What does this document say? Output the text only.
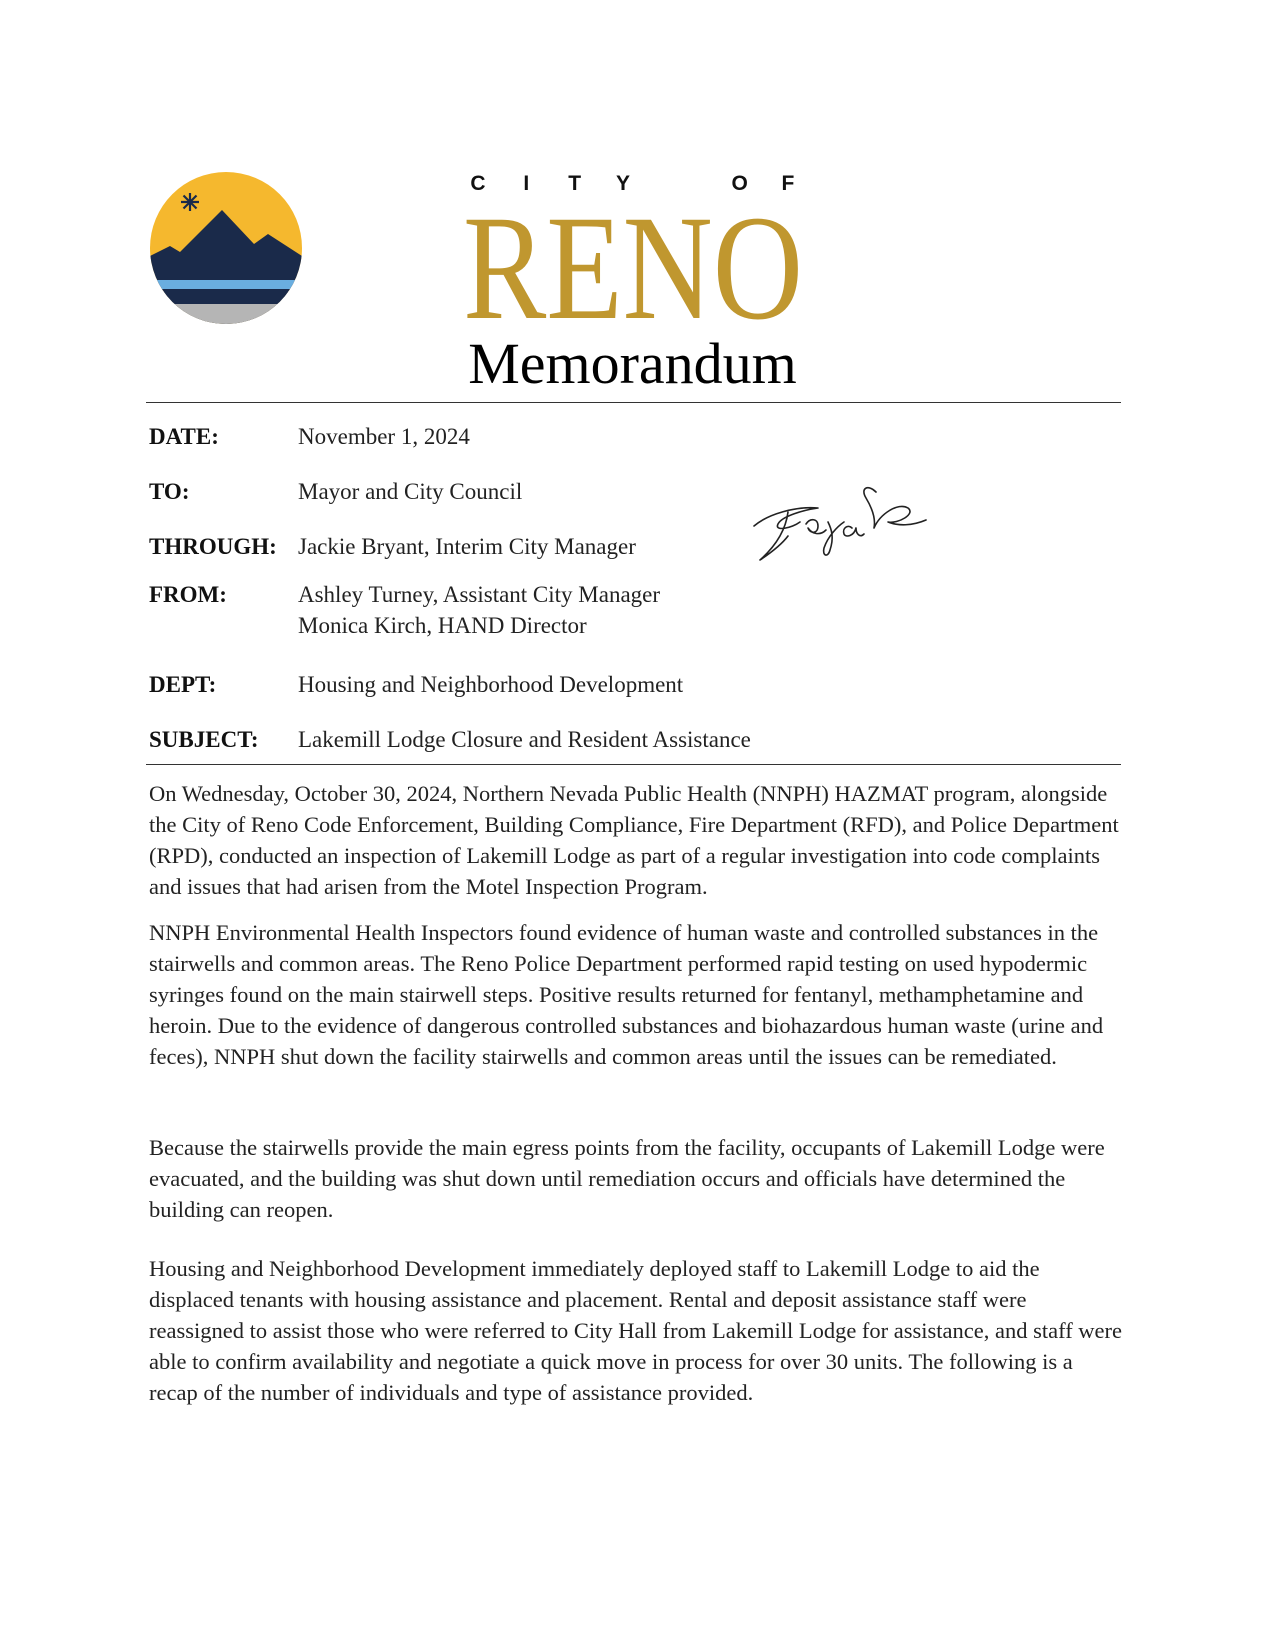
C	I	T Y	O F
RENO
Memorandum
DATE:	November 1, 2024
TO:	Mayor and City Council
THROUGH: Jackie Bryant, Interim City Manager
FROM:	Ashley Turney, Assistant City Manager
Monica Kirch, HAND Director
DEPT:	Housing and Neighborhood Development
SUBJECT: Lakemill Lodge Closure and Resident Assistance

On Wednesday, October 30, 2024, Northern Nevada Public Health (NNPH) HAZMAT program, alongside the City of Reno Code Enforcement, Building Compliance, Fire Department (RFD), and Police Department (RPD), conducted an inspection of Lakemill Lodge as part of a regular investigation into code complaints and issues that had arisen from the Motel Inspection Program.

NNPH Environmental Health Inspectors found evidence of human waste and controlled substances in the stairwells and common areas. The Reno Police Department performed rapid testing on used hypodermic syringes found on the main stairwell steps. Positive results returned for fentanyl, methamphetamine and heroin. Due to the evidence of dangerous controlled substances and biohazardous human waste (urine and feces), NNPH shut down the facility stairwells and common areas until the issues can be remediated.

Because the stairwells provide the main egress points from the facility, occupants of Lakemill Lodge were evacuated, and the building was shut down until remediation occurs and officials have determined the building can reopen.

Housing and Neighborhood Development immediately deployed staff to Lakemill Lodge to aid the displaced tenants with housing assistance and placement. Rental and deposit assistance staff were reassigned to assist those who were referred to City Hall from Lakemill Lodge for assistance, and staff were able to confirm availability and negotiate a quick move in process for over 30 units. The following is a recap of the number of individuals and type of assistance provided.
